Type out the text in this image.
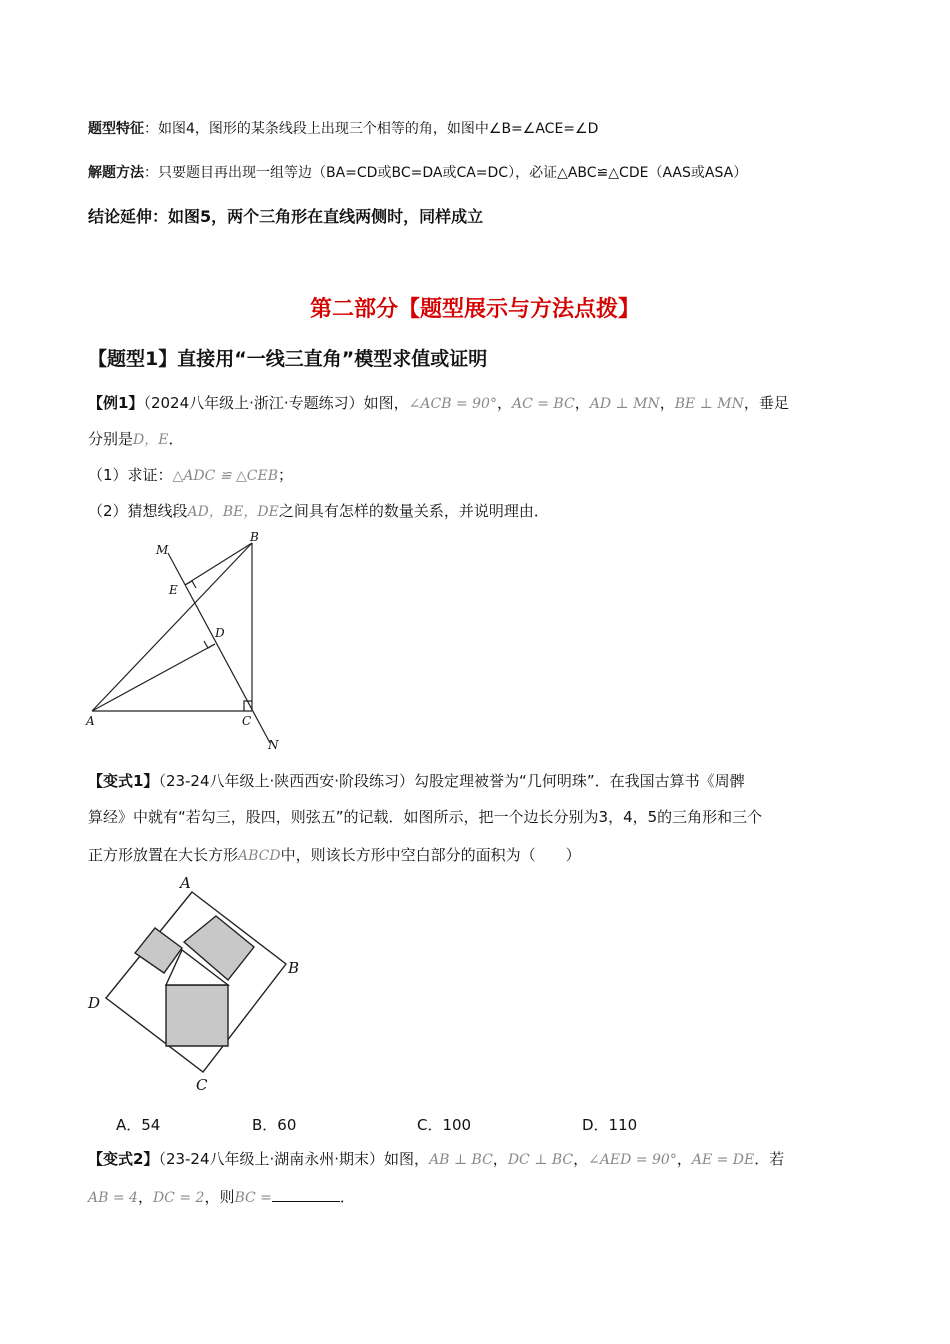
题型特征：如图4，图形的某条线段上出现三个相等的角，如图中∠B=∠ACE=∠D
解题方法：只要题目再出现一组等边（BA=CD或BC=DA或CA=DC），必证△ABC≌△CDE（AAS或ASA）
结论延伸：如图5，两个三角形在直线两侧时，同样成立
第二部分【题型展示与方法点拨】
【题型1】直接用“一线三直角”模型求值或证明
【例1】（2024八年级上·浙江·专题练习）如图，∠ACB = 90°，AC = BC，AD ⊥ MN，BE ⊥ MN，垂足
分别是D，E．
（1）求证：△ADC ≌ △CEB；
（2）猜想线段AD，BE，DE之间具有怎样的数量关系，并说明理由．
M
B
E
D
A	C
N
【变式1】（23-24八年级上·陕西西安·阶段练习）勾股定理被誉为“几何明珠”．在我国古算书《周髀
算经》中就有“若勾三，股四，则弦五”的记载．如图所示，把一个边长分别为3，4，5的三角形和三个
正方形放置在大长方形ABCD中，则该长方形中空白部分的面积为（　　）
A
B
C
D
A．54	B．60	C．100	D．110
【变式2】（23-24八年级上·湖南永州·期末）如图，AB ⊥ BC，DC ⊥ BC，∠AED = 90°，AE = DE．若
AB = 4，DC = 2，则BC =	．
